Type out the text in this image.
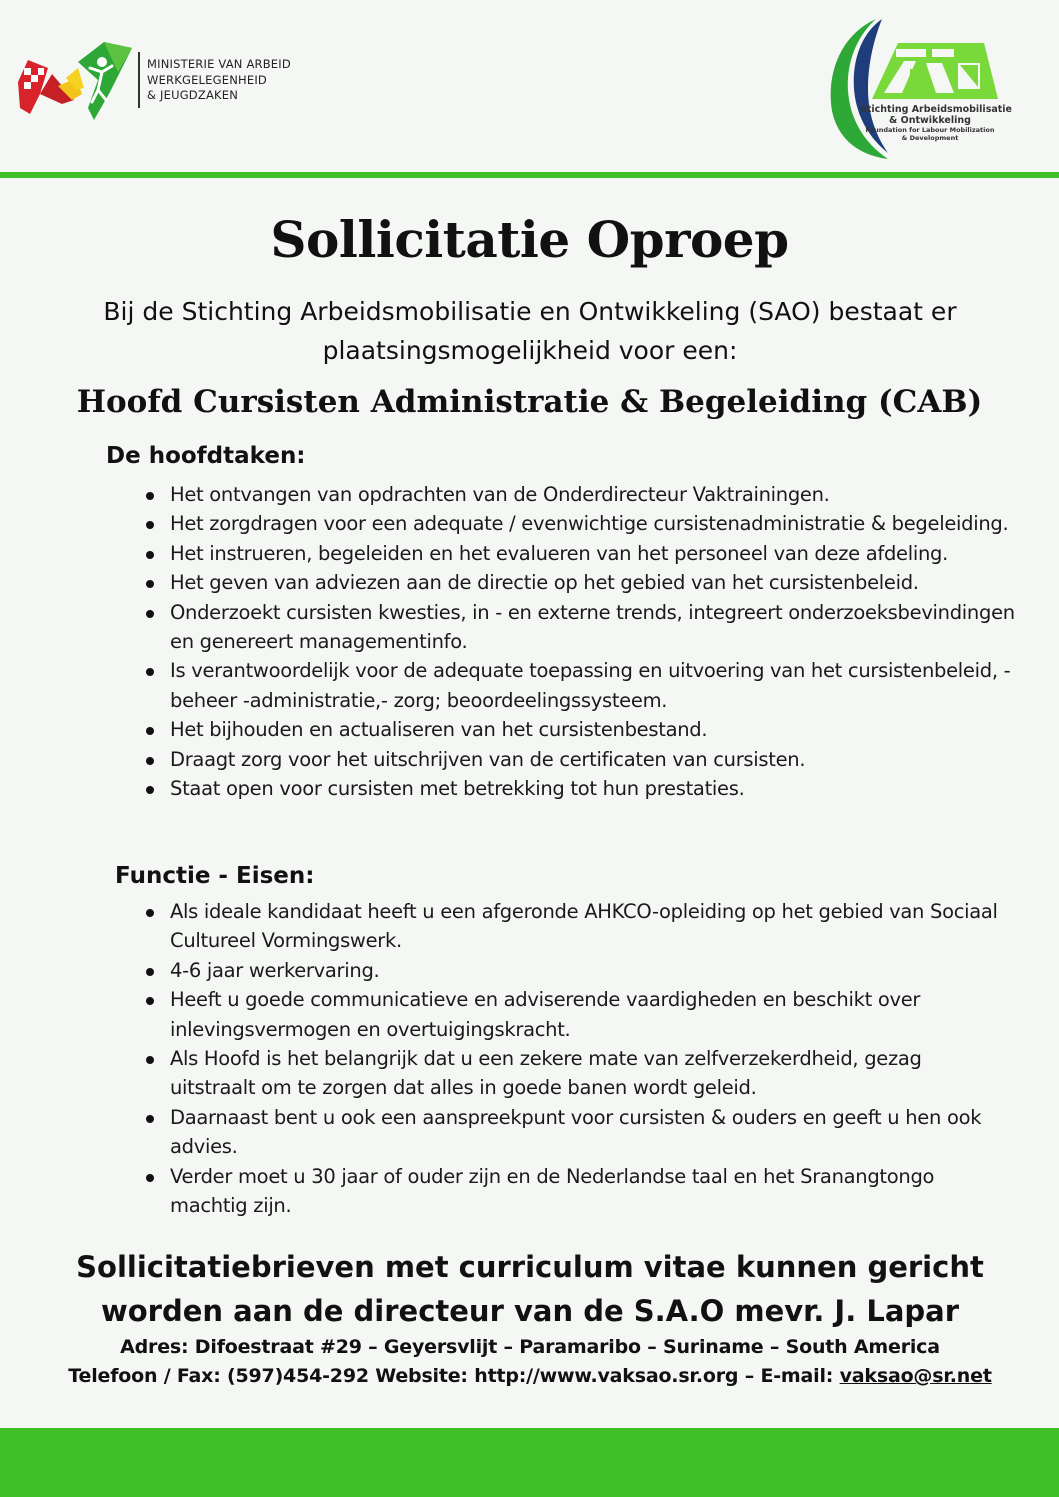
MINISTERIE VAN ARBEID
WERKGELEGENHEID
& JEUGDZAKEN
Stichting Arbeidsmobilisatie
& Ontwikkeling
Foundation for Labour Mobilization
& Development
Sollicitatie Oproep

Bij de Stichting Arbeidsmobilisatie en Ontwikkeling (SAO) bestaat er plaatsingsmogelijkheid voor een:

Hoofd Cursisten Administratie & Begeleiding (CAB)
De hoofdtaken:
Het ontvangen van opdrachten van de Onderdirecteur Vaktrainingen.
Het zorgdragen voor een adequate / evenwichtige cursistenadministratie & begeleiding.
Het instrueren, begeleiden en het evalueren van het personeel van deze afdeling.
Het geven van adviezen aan de directie op het gebied van het cursistenbeleid.
Onderzoekt cursisten kwesties, in - en externe trends, integreert onderzoeksbevindingen en genereert managementinfo.
Is verantwoordelijk voor de adequate toepassing en uitvoering van het cursistenbeleid, -beheer -administratie,- zorg; beoordeelingssysteem.
Het bijhouden en actualiseren van het cursistenbestand.
Draagt zorg voor het uitschrijven van de certificaten van cursisten.
Staat open voor cursisten met betrekking tot hun prestaties.
Functie - Eisen:
Als ideale kandidaat heeft u een afgeronde AHKCO-opleiding op het gebied van Sociaal Cultureel Vormingswerk.
4-6 jaar werkervaring.
Heeft u goede communicatieve en adviserende vaardigheden en beschikt over inlevingsvermogen en overtuigingskracht.
Als Hoofd is het belangrijk dat u een zekere mate van zelfverzekerdheid, gezag uitstraalt om te zorgen dat alles in goede banen wordt geleid.
Daarnaast bent u ook een aanspreekpunt voor cursisten & ouders en geeft u hen ook advies.
Verder moet u 30 jaar of ouder zijn en de Nederlandse taal en het Sranangtongo machtig zijn.

Sollicitatiebrieven met curriculum vitae kunnen gericht worden aan de directeur van de S.A.O mevr. J. Lapar

Adres: Difoestraat #29 – Geyersvlijt – Paramaribo – Suriname – South America
Telefoon / Fax: (597)454-292 Website: http://www.vaksao.sr.org – E-mail: vaksao@sr.net
